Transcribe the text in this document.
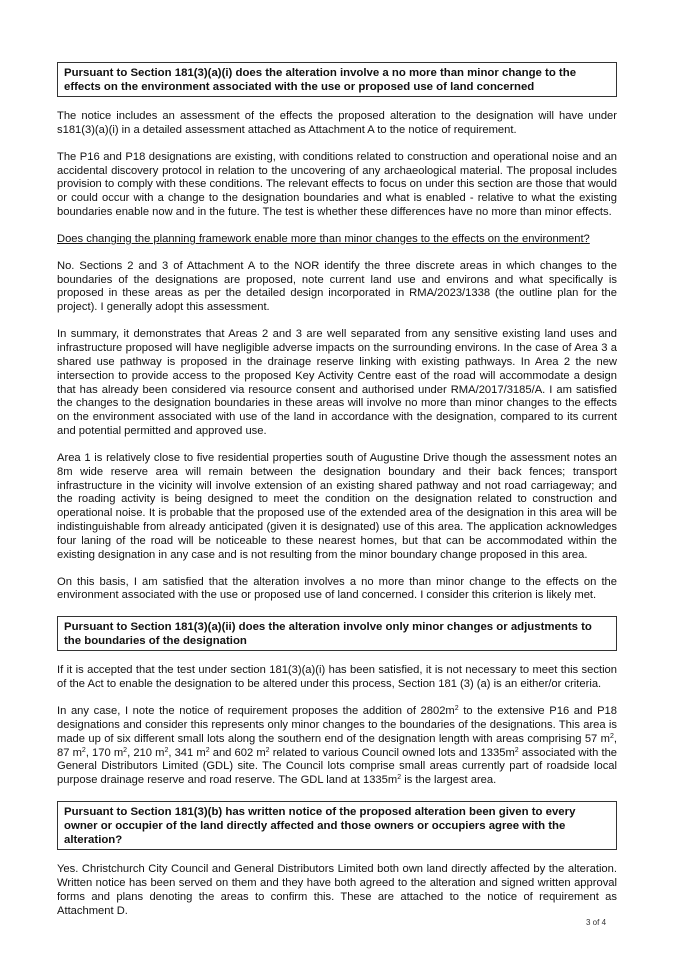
Pursuant to Section 181(3)(a)(i) does the alteration involve a no more than minor change to the effects on the environment associated with the use or proposed use of land concerned

The notice includes an assessment of the effects the proposed alteration to the designation will have under s181(3)(a)(i) in a detailed assessment attached as Attachment A to the notice of requirement.

The P16 and P18 designations are existing, with conditions related to construction and operational noise and an accidental discovery protocol in relation to the uncovering of any archaeological material. The proposal includes provision to comply with these conditions. The relevant effects to focus on under this section are those that would or could occur with a change to the designation boundaries and what is enabled - relative to what the existing boundaries enable now and in the future. The test is whether these differences have no more than minor effects.

Does changing the planning framework enable more than minor changes to the effects on the environment?

No. Sections 2 and 3 of Attachment A to the NOR identify the three discrete areas in which changes to the boundaries of the designations are proposed, note current land use and environs and what specifically is proposed in these areas as per the detailed design incorporated in RMA/2023/1338 (the outline plan for the project). I generally adopt this assessment.

In summary, it demonstrates that Areas 2 and 3 are well separated from any sensitive existing land uses and infrastructure proposed will have negligible adverse impacts on the surrounding environs. In the case of Area 3 a shared use pathway is proposed in the drainage reserve linking with existing pathways. In Area 2 the new intersection to provide access to the proposed Key Activity Centre east of the road will accommodate a design that has already been considered via resource consent and authorised under RMA/2017/3185/A. I am satisfied the changes to the designation boundaries in these areas will involve no more than minor changes to the effects on the environment associated with use of the land in accordance with the designation, compared to its current and potential permitted and approved use.

Area 1 is relatively close to five residential properties south of Augustine Drive though the assessment notes an 8m wide reserve area will remain between the designation boundary and their back fences; transport infrastructure in the vicinity will involve extension of an existing shared pathway and not road carriageway; and the roading activity is being designed to meet the condition on the designation related to construction and operational noise. It is probable that the proposed use of the extended area of the designation in this area will be indistinguishable from already anticipated (given it is designated) use of this area. The application acknowledges four laning of the road will be noticeable to these nearest homes, but that can be accommodated within the existing designation in any case and is not resulting from the minor boundary change proposed in this area.

On this basis, I am satisfied that the alteration involves a no more than minor change to the effects on the environment associated with the use or proposed use of land concerned. I consider this criterion is likely met.

Pursuant to Section 181(3)(a)(ii) does the alteration involve only minor changes or adjustments to the boundaries of the designation

If it is accepted that the test under section 181(3)(a)(i) has been satisfied, it is not necessary to meet this section of the Act to enable the designation to be altered under this process, Section 181 (3) (a) is an either/or criteria.

In any case, I note the notice of requirement proposes the addition of $2802m^2$ to the extensive P16 and P18 designations and consider this represents only minor changes to the boundaries of the designations. This area is made up of six different small lots along the southern end of the designation length with areas comprising 57 $m^2$, 87 $m^2$, 170 $m^2$, 210 $m^2$, 341 $m^2$ and 602 $m^2$ related to various Council owned lots and $1335m^2$ associated with the General Distributors Limited (GDL) site. The Council lots comprise small areas currently part of roadside local purpose drainage reserve and road reserve. The GDL land at $1335m^2$ is the largest area.

Pursuant to Section 181(3)(b) has written notice of the proposed alteration been given to every owner or occupier of the land directly affected and those owners or occupiers agree with the alteration?

Yes. Christchurch City Council and General Distributors Limited both own land directly affected by the alteration. Written notice has been served on them and they have both agreed to the alteration and signed written approval forms and plans denoting the areas to confirm this. These are attached to the notice of requirement as Attachment D.

3 of 4
